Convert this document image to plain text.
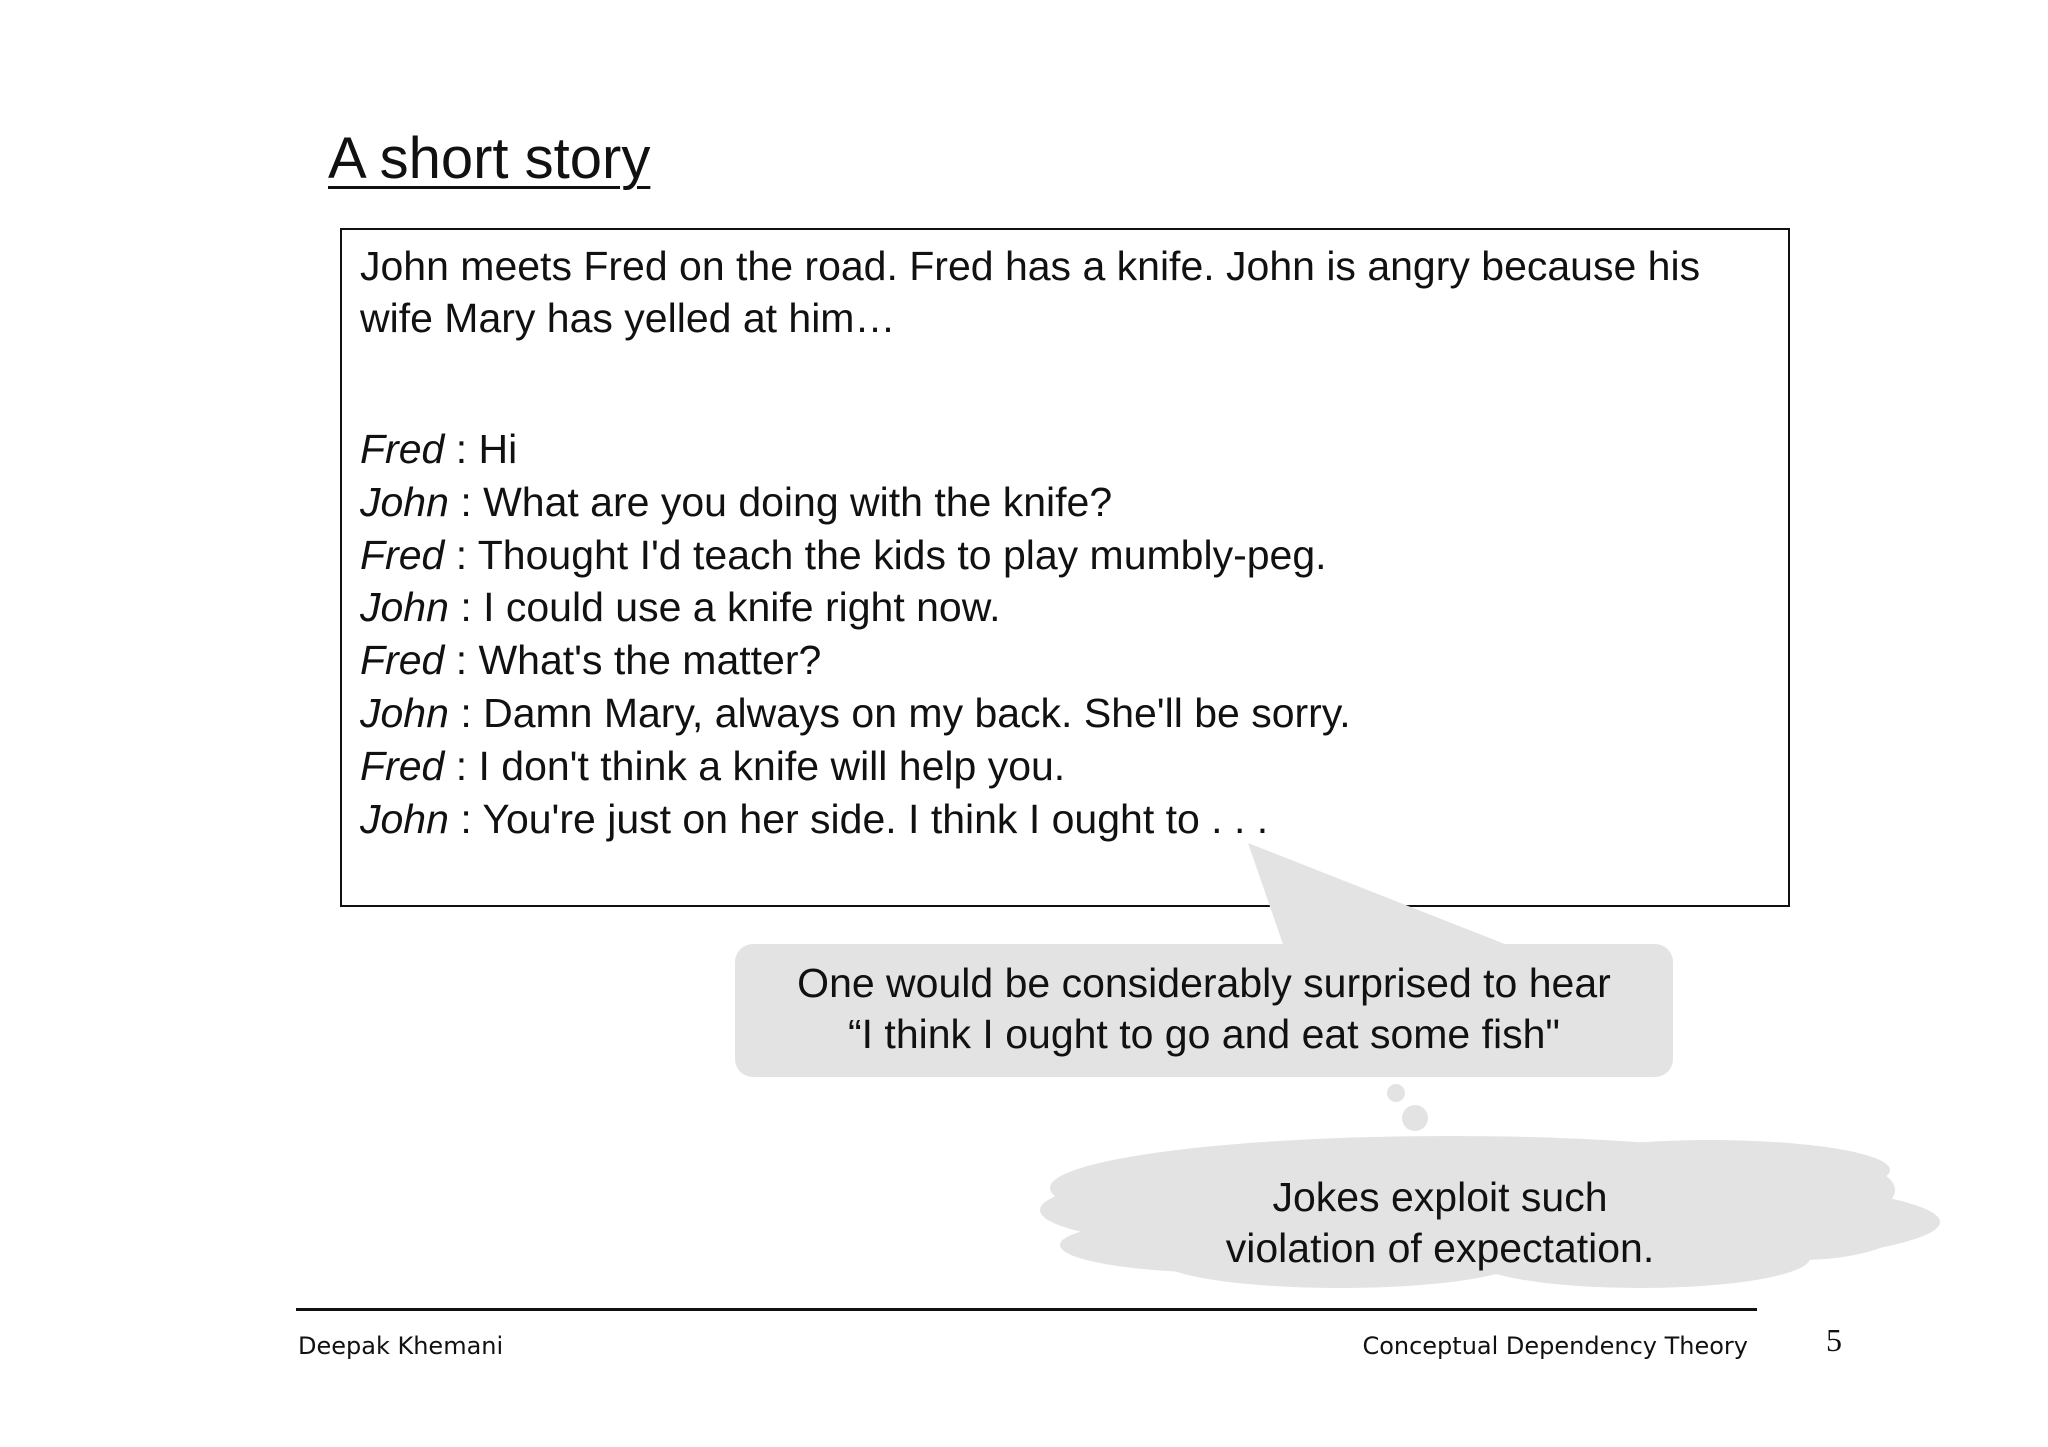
A short story
John meets Fred on the road. Fred has a knife. John is angry because his wife Mary has yelled at him…
Fred : Hi
John : What are you doing with the knife?
Fred : Thought I'd teach the kids to play mumbly-peg.
John : I could use a knife right now.
Fred : What's the matter?
John : Damn Mary, always on my back. She'll be sorry.
Fred : I don't think a knife will help you.
John : You're just on her side. I think I ought to . . .
One would be considerably surprised to hear
“I think I ought to go and eat some fish"
Jokes exploit such
violation of expectation.
Deepak Khemani	Conceptual Dependency Theory 5
